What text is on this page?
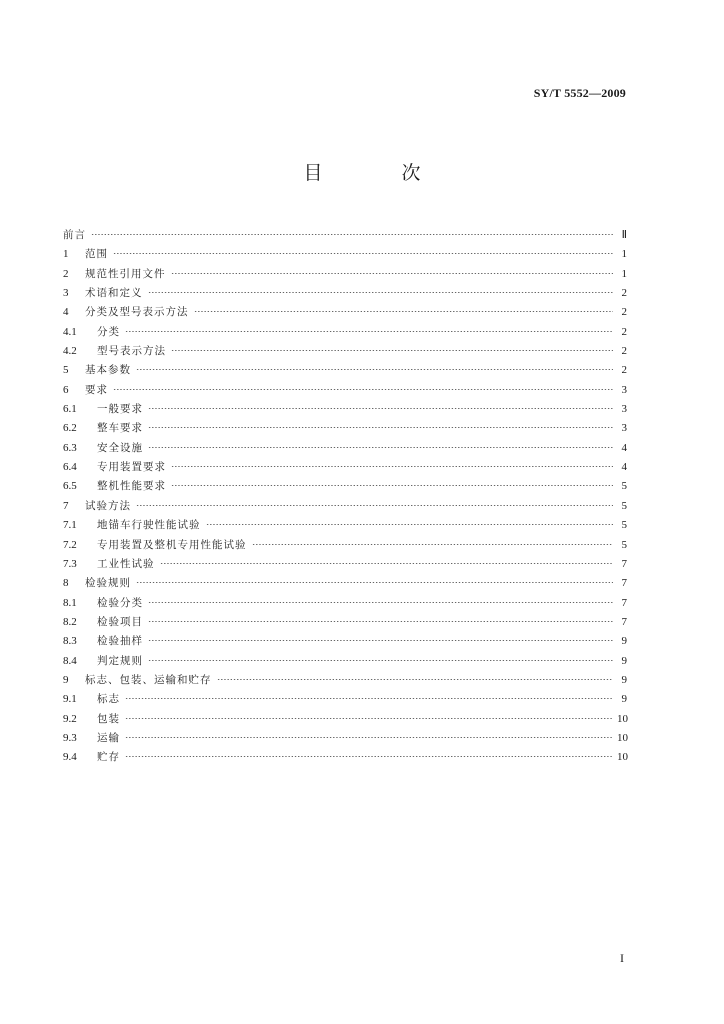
SY/T 5552—2009
目　次
前言	Ⅱ
1	范围	1
2	规范性引用文件	1
3	术语和定义	2
4	分类及型号表示方法	2
4.1	分类	2
4.2	型号表示方法	2
5	基本参数	2
6	要求	3
6.1	一般要求	3
6.2	整车要求	3
6.3	安全设施	4
6.4	专用装置要求	4
6.5	整机性能要求	5
7	试验方法	5
7.1	地锚车行驶性能试验	5
7.2	专用装置及整机专用性能试验	5
7.3	工业性试验	7
8	检验规则	7
8.1	检验分类	7
8.2	检验项目	7
8.3	检验抽样	9
8.4	判定规则	9
9	标志、包装、运输和贮存	9
9.1	标志	9
9.2	包装	10
9.3	运输	10
9.4	贮存	10
I
